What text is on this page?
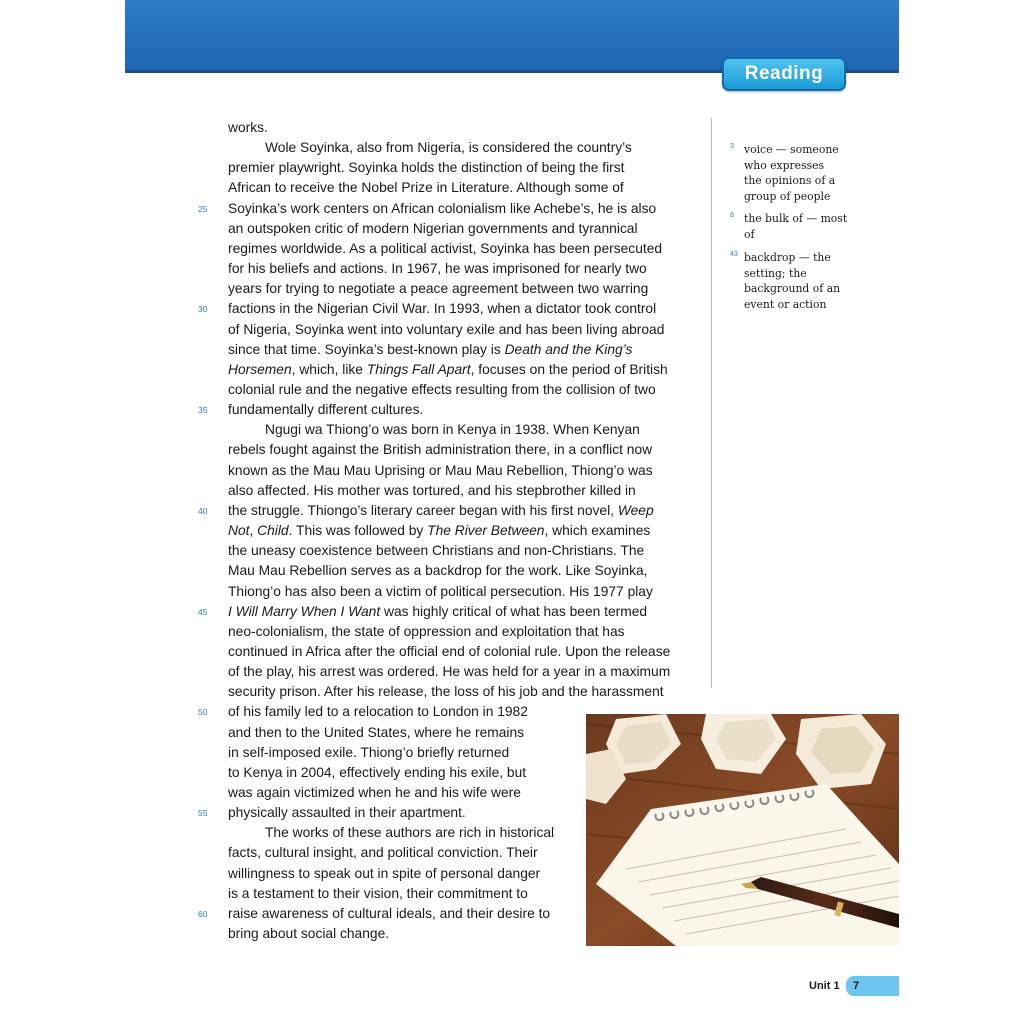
Reading
works.
Wole Soyinka, also from Nigeria, is considered the country’s
premier playwright. Soyinka holds the distinction of being the first
African to receive the Nobel Prize in Literature. Although some of
Soyinka’s work centers on African colonialism like Achebe’s, he is also
an outspoken critic of modern Nigerian governments and tyrannical
regimes worldwide. As a political activist, Soyinka has been persecuted
for his beliefs and actions. In 1967, he was imprisoned for nearly two
years for trying to negotiate a peace agreement between two warring
factions in the Nigerian Civil War. In 1993, when a dictator took control
of Nigeria, Soyinka went into voluntary exile and has been living abroad
since that time. Soyinka’s best-known play is Death and the King’s
Horsemen, which, like Things Fall Apart, focuses on the period of British
colonial rule and the negative effects resulting from the collision of two
fundamentally different cultures.
Ngugi wa Thiong’o was born in Kenya in 1938. When Kenyan
rebels fought against the British administration there, in a conflict now
known as the Mau Mau Uprising or Mau Mau Rebellion, Thiong’o was
also affected. His mother was tortured, and his stepbrother killed in
the struggle. Thiongo’s literary career began with his first novel, Weep
Not, Child. This was followed by The River Between, which examines
the uneasy coexistence between Christians and non-Christians. The
Mau Mau Rebellion serves as a backdrop for the work. Like Soyinka,
Thiong’o has also been a victim of political persecution. His 1977 play
I Will Marry When I Want was highly critical of what has been termed
neo-colonialism, the state of oppression and exploitation that has
continued in Africa after the official end of colonial rule. Upon the release
of the play, his arrest was ordered. He was held for a year in a maximum
security prison. After his release, the loss of his job and the harassment
of his family led to a relocation to London in 1982
and then to the United States, where he remains
in self-imposed exile. Thiong’o briefly returned
to Kenya in 2004, effectively ending his exile, but
was again victimized when he and his wife were
physically assaulted in their apartment.
The works of these authors are rich in historical
facts, cultural insight, and political conviction. Their
willingness to speak out in spite of personal danger
is a testament to their vision, their commitment to
raise awareness of cultural ideals, and their desire to
bring about social change.
25
30
35
40
45
50
55
60
3 voice — someone
who expresses
the opinions of a
group of people
8 the bulk of — most
of
43 backdrop — the
setting; the
background of an
event or action
Unit 1 7
